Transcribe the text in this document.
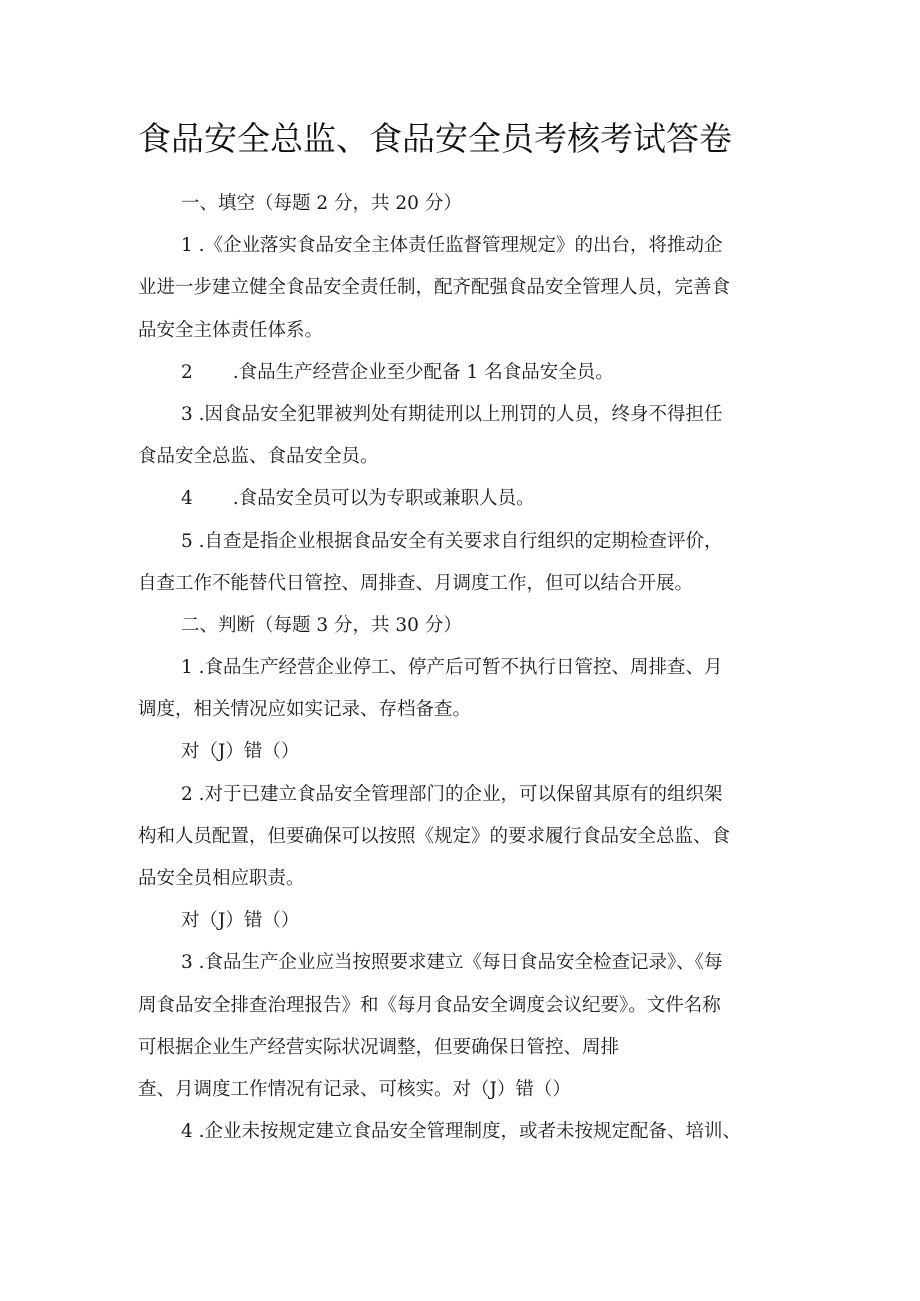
食品安全总监、食品安全员考核考试答卷
一、填空（每题 2 分，共 20 分）
1 .《企业落实食品安全主体责任监督管理规定》的出台，将推动企
业进一步建立健全食品安全责任制，配齐配强食品安全管理人员，完善食
品安全主体责任体系。
2 .食品生产经营企业至少配备 1 名食品安全员。
3 .因食品安全犯罪被判处有期徒刑以上刑罚的人员，终身不得担任
食品安全总监、食品安全员。
4 .食品安全员可以为专职或兼职人员。
5 .自查是指企业根据食品安全有关要求自行组织的定期检查评价，
自查工作不能替代日管控、周排查、月调度工作，但可以结合开展。
二、判断（每题 3 分，共 30 分）
1 .食品生产经营企业停工、停产后可暂不执行日管控、周排查、月
调度，相关情况应如实记录、存档备查。
对（J）错（）
2 .对于已建立食品安全管理部门的企业，可以保留其原有的组织架
构和人员配置，但要确保可以按照《规定》的要求履行食品安全总监、食
品安全员相应职责。
对（J）错（）
3 .食品生产企业应当按照要求建立《每日食品安全检查记录》、《每
周食品安全排查治理报告》和《每月食品安全调度会议纪要》。文件名称
可根据企业生产经营实际状况调整，但要确保日管控、周排
查、月调度工作情况有记录、可核实。对（J）错（）
4 .企业未按规定建立食品安全管理制度，或者未按规定配备、培训、
